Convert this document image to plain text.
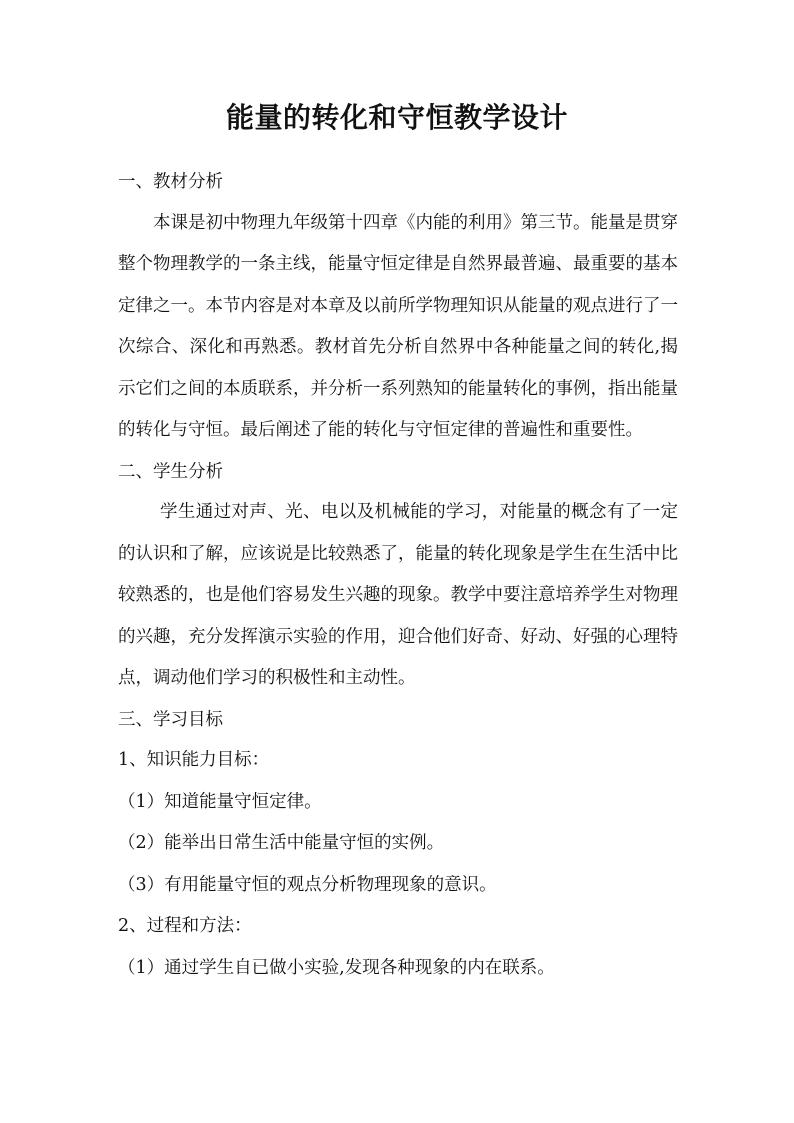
能量的转化和守恒教学设计

一、教材分析

本课是初中物理九年级第十四章《内能的利用》第三节。能量是贯穿整个物理教学的一条主线，能量守恒定律是自然界最普遍、最重要的基本定律之一。本节内容是对本章及以前所学物理知识从能量的观点进行了一次综合、深化和再熟悉。教材首先分析自然界中各种能量之间的转化,揭示它们之间的本质联系，并分析一系列熟知的能量转化的事例，指出能量的转化与守恒。最后阐述了能的转化与守恒定律的普遍性和重要性。

二、学生分析

学生通过对声、光、电以及机械能的学习，对能量的概念有了一定的认识和了解，应该说是比较熟悉了，能量的转化现象是学生在生活中比较熟悉的，也是他们容易发生兴趣的现象。教学中要注意培养学生对物理的兴趣，充分发挥演示实验的作用，迎合他们好奇、好动、好强的心理特点，调动他们学习的积极性和主动性。

三、学习目标

1、知识能力目标：

（1）知道能量守恒定律。

（2）能举出日常生活中能量守恒的实例。

（3）有用能量守恒的观点分析物理现象的意识。

2、过程和方法：

（1）通过学生自已做小实验,发现各种现象的内在联系。
